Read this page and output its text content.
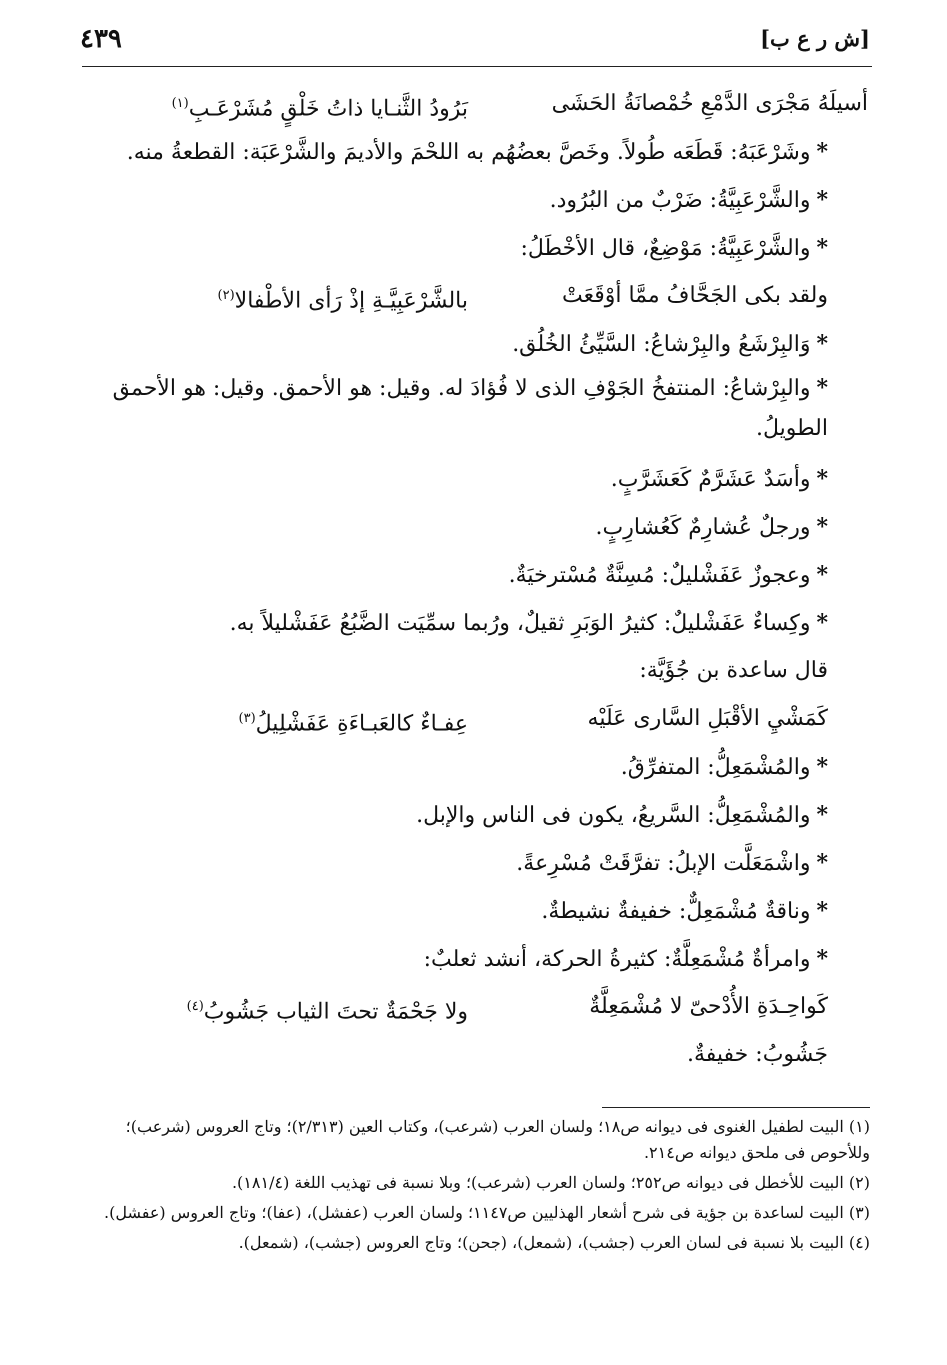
[ش ر ع ب]
٤٣٩
أسيلَهُ مَجْرَى الدَّمْعِ خُمْصانَةُ الحَشَى
بَرُودُ الثَّنـايا ذاتُ خَلْقٍ مُشَرْعَـبِ$^{(١)}$
*وشَرْعَبَهُ: قَطَعَه طُولاً. وخَصَّ بعضُهُم به اللحْمَ والأديمَ والشَّرْعَبَة: القطعةُ منه.
*والشَّرْعَبِيَّةُ: ضَرْبٌ من البُرُود.
*والشَّرْعَبِيَّةُ: مَوْضِعٌ، قال الأخْطَلُ:
ولقد بكى الجَحَّافُ ممَّا أوْقَعَتْ
بالشَّرْعَبِيَّـةِ إذْ رَأى الأطْفالا$^{(٢)}$
*وَالبِرْشَعُ والبِرْشاعُ: السَّيِّئُ الخُلُق.
*والبِرْشاعُ: المنتفخُ الجَوْفِ الذى لا فُؤادَ له. وقيل: هو الأحمق. وقيل: هو الأحمق الطويلُ.
*وأسَدٌ عَشَرَّمٌ كَعَشَرَّبٍ.
*ورجلٌ عُشارِمٌ كَعُشارِبٍ.
*وعجوزٌ عَفَشْليلٌ: مُسِنَّةٌ مُسْترخيَةٌ.
*وكِساءٌ عَفَشْليلٌ: كثيرُ الوَبَرِ ثقيلٌ، ورُبما سمِّيَت الضَّبُعُ عَفَشْليلاً به.
قال ساعدة بن جُؤَيَّة:
كَمَشْيِ الأقْبَلِ السَّارى عَلَيْه
عِفـاءٌ كالعَبـاءَةِ عَفَشْلِيلُ$^{(٣)}$
*والمُشْمَعِلُّ: المتفرِّقُ.
*والمُشْمَعِلُّ: السَّريعُ، يكون فى الناس والإبل.
*واشْمَعَلَّت الإبلُ: تفرَّقَتْ مُسْرِعةً.
*وناقةٌ مُشْمَعِلٌّ: خفيفةٌ نشيطةٌ.
*وامرأةٌ مُشْمَعِلَّةٌ: كثيرةُ الحركة، أنشد ثعلبٌ:
كَواحِـدَةِ الأُدْحىّ لا مُشْمَعِلَّةٌ
ولا جَحْمَةٌ تحتَ الثياب جَشُوبُ$^{(٤)}$
جَشُوبُ: خفيفةٌ.
(١) البيت لطفيل الغنوى فى ديوانه ص١٨؛ ولسان العرب (شرعب)، وكتاب العين (٢/٣١٣)؛ وتاج العروس (شرعب)؛ وللأحوص فى ملحق ديوانه ص٢١٤.
(٢) البيت للأخطل فى ديوانه ص٢٥٢؛ ولسان العرب (شرعب)؛ وبلا نسبة فى تهذيب اللغة (١٨١/٤).
(٣) البيت لساعدة بن جؤية فى شرح أشعار الهذليين ص١١٤٧؛ ولسان العرب (عفشل)، (عفا)؛ وتاج العروس (عفشل).
(٤) البيت بلا نسبة فى لسان العرب (جشب)، (شمعل)، (جحن)؛ وتاج العروس (جشب)، (شمعل).
